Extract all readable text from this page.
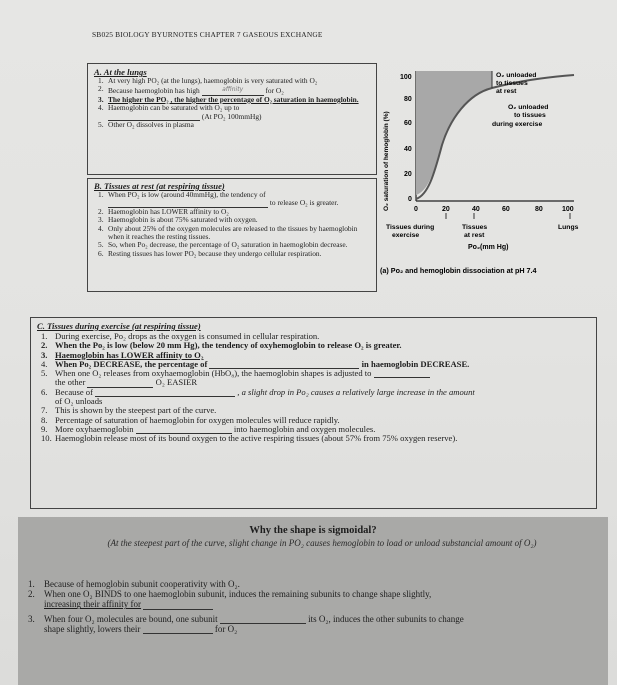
SB025 BIOLOGY BYURNOTES CHAPTER 7 GASEOUS EXCHANGE
A. At the lungs
1. At very high PO₂ (at the lungs), haemoglobin is very saturated with O₂
2. Because haemoglobin has high	affinity	for O₂
3. The higher the PO₂ , the higher the percentage of O₂ saturation in haemoglobin.
4. Haemoglobin can be saturated with O₂ up to
(At PO₂ 100mmHg)
5. Other O₂ dissolves in plasma
B. Tissues at rest (at respiring tissue)
1. When PO₂ is low (around 40mmHg), the tendency of
to release O₂ is greater.
2. Haemoglobin has LOWER affinity to O₂
3. Haemoglobin is about 75% saturated with oxygen.
4. Only about 25% of the oxygen molecules are released to the tissues by haemoglobin when it reaches the resting tissues.
5. So, when Po₂ decrease, the percentage of O₂ saturation in haemoglobin decrease.
6. Resting tissues has lower PO₂ because they undergo cellular respiration.
O₂ saturation of hemoglobin (%)
100
80
60
40
20
0
O₂ unloaded to tissues at rest
O₂ unloaded to tissues during exercise
0	20	40	60	80	100
Tissues during exercise
Tissues at rest
Lungs
Po₂(mm Hg)
(a) Po₂ and hemoglobin dissociation at pH 7.4
C. Tissues during exercise (at respiring tissue)
1. During exercise, Po₂ drops as the oxygen is consumed in cellular respiration.
2. When the Po₂ is low (below 20 mm Hg), the tendency of oxyhemoglobin to release O₂ is greater.
3. Haemoglobin has LOWER affinity to O₂
4. When Po₂ DECREASE, the percentage of	in haemoglobin DECREASE.
5. When one O₂ releases from oxyhaemoglobin (HbO₈), the haemoglobin shapes is adjusted to
the other	O₂ EASIER
6. Because of	, a slight drop in Po₂ causes a relatively large increase in the amount
of O₂ unloads
7. This is shown by the steepest part of the curve.
8. Percentage of saturation of haemoglobin for oxygen molecules will reduce rapidly.
9. More oxyhaemoglobin	into haemoglobin and oxygen molecules.
10. Haemoglobin release most of its bound oxygen to the active respiring tissues (about 57% from 75% oxygen reserve).
Why the shape is sigmoidal?
(At the steepest part of the curve, slight change in PO₂ causes hemoglobin to load or unload substancial amount of O₂)
1. Because of hemoglobin subunit cooperativity with O₂.
2. When one O₂ BINDS to one haemoglobin subunit, induces the remaining subunits to change shape slightly,
increasing their affinity for
3. When four O₂ molecules are bound, one subunit	its O₂, induces the other subunits to change
shape slightly, lowers their	for O₂
